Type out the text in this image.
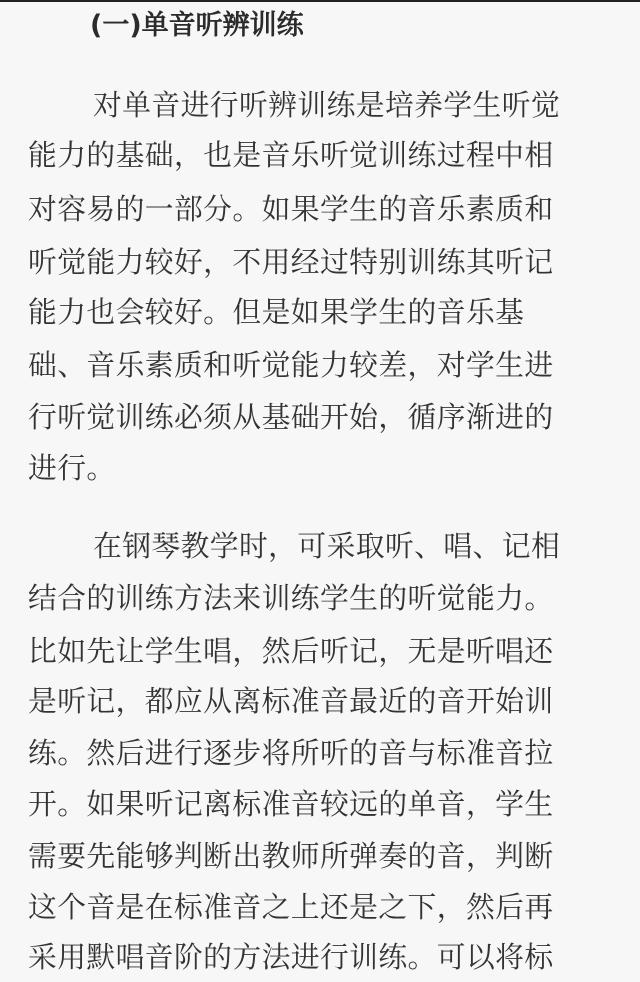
(一)单音听辨训练
对单音进行听辨训练是培养学生听觉
能力的基础，也是音乐听觉训练过程中相
对容易的一部分。如果学生的音乐素质和
听觉能力较好，不用经过特别训练其听记
能力也会较好。但是如果学生的音乐基
础、音乐素质和听觉能力较差，对学生进
行听觉训练必须从基础开始，循序渐进的
进行。
在钢琴教学时，可采取听、唱、记相
结合的训练方法来训练学生的听觉能力。
比如先让学生唱，然后听记，无是听唱还
是听记，都应从离标准音最近的音开始训
练。然后进行逐步将所听的音与标准音拉
开。如果听记离标准音较远的单音，学生
需要先能够判断出教师所弹奏的音，判断
这个音是在标准音之上还是之下，然后再
采用默唱音阶的方法进行训练。可以将标
